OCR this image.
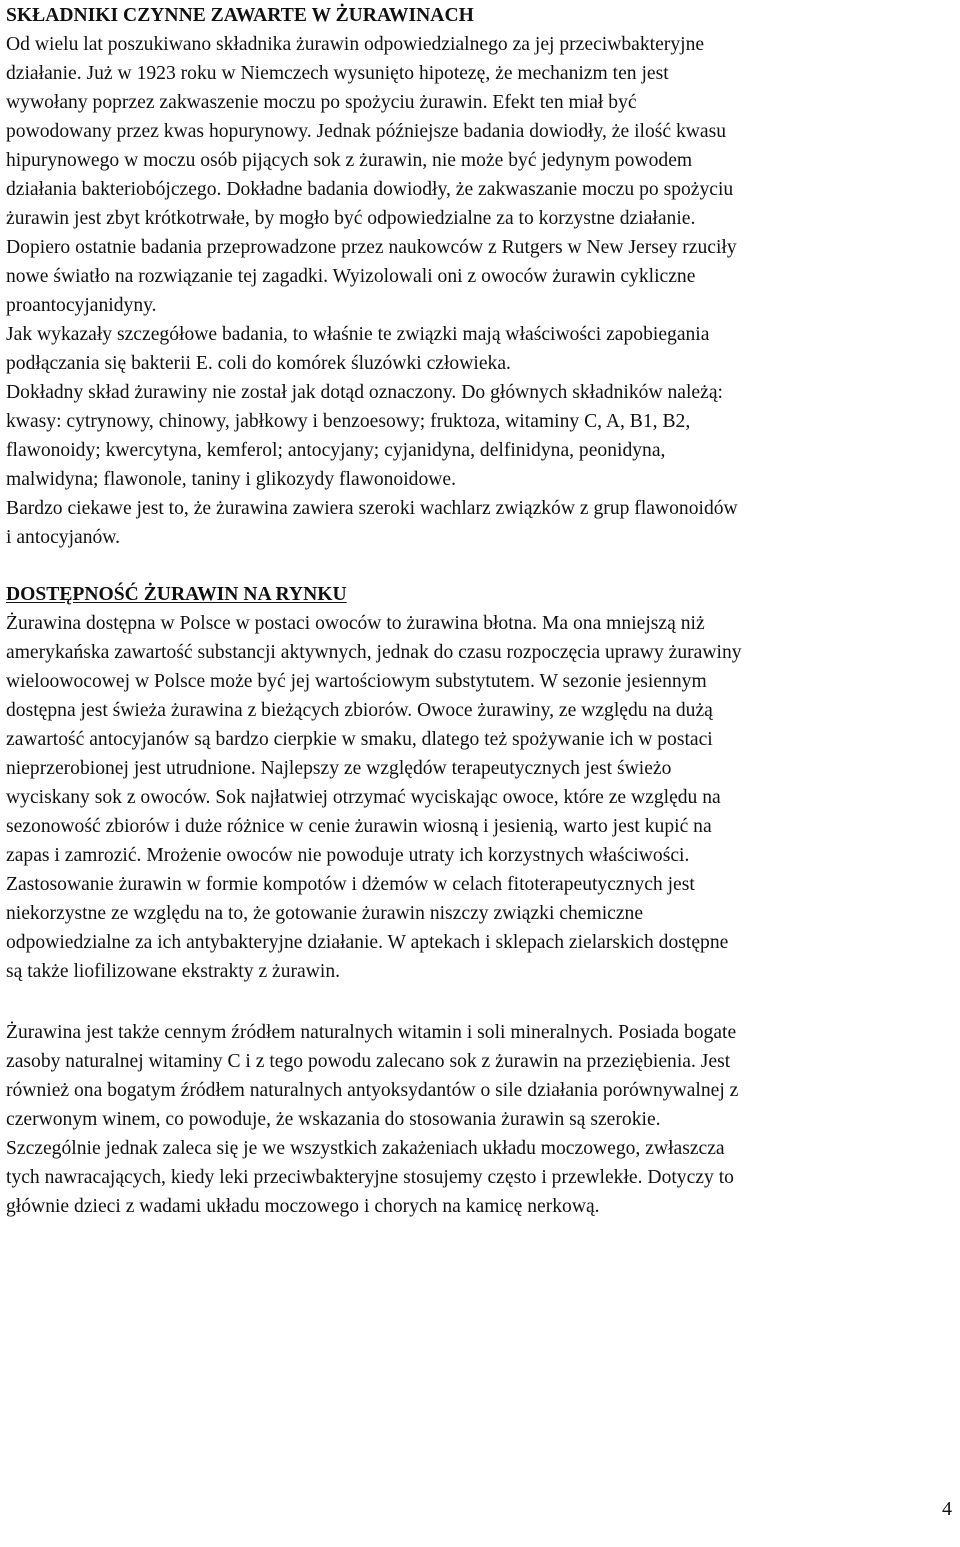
SKŁADNIKI CZYNNE ZAWARTE W ŻURAWINACH
Od wielu lat poszukiwano składnika żurawin odpowiedzialnego za jej przeciwbakteryjne
działanie. Już w 1923 roku w Niemczech wysunięto hipotezę, że mechanizm ten jest
wywołany poprzez zakwaszenie moczu po spożyciu żurawin. Efekt ten miał być
powodowany przez kwas hopurynowy. Jednak późniejsze badania dowiodły, że ilość kwasu
hipurynowego w moczu osób pijących sok z żurawin, nie może być jedynym powodem
działania bakteriobójczego. Dokładne badania dowiodły, że zakwaszanie moczu po spożyciu
żurawin jest zbyt krótkotrwałe, by mogło być odpowiedzialne za to korzystne działanie.
Dopiero ostatnie badania przeprowadzone przez naukowców z Rutgers w New Jersey rzuciły
nowe światło na rozwiązanie tej zagadki. Wyizolowali oni z owoców żurawin cykliczne
proantocyjanidyny.
Jak wykazały szczegółowe badania, to właśnie te związki mają właściwości zapobiegania
podłączania się bakterii E. coli do komórek śluzówki człowieka.
Dokładny skład żurawiny nie został jak dotąd oznaczony. Do głównych składników należą:
kwasy: cytrynowy, chinowy, jabłkowy i benzoesowy; fruktoza, witaminy C, A, B1, B2,
flawonoidy; kwercytyna, kemferol; antocyjany; cyjanidyna, delfinidyna, peonidyna,
malwidyna; flawonole, taniny i glikozydy flawonoidowe.
Bardzo ciekawe jest to, że żurawina zawiera szeroki wachlarz związków z grup flawonoidów
i antocyjanów.
DOSTĘPNOŚĆ ŻURAWIN NA RYNKU
Żurawina dostępna w Polsce w postaci owoców to żurawina błotna. Ma ona mniejszą niż
amerykańska zawartość substancji aktywnych, jednak do czasu rozpoczęcia uprawy żurawiny
wieloowocowej w Polsce może być jej wartościowym substytutem. W sezonie jesiennym
dostępna jest świeża żurawina z bieżących zbiorów. Owoce żurawiny, ze względu na dużą
zawartość antocyjanów są bardzo cierpkie w smaku, dlatego też spożywanie ich w postaci
nieprzerobionej jest utrudnione. Najlepszy ze względów terapeutycznych jest świeżo
wyciskany sok z owoców. Sok najłatwiej otrzymać wyciskając owoce, które ze względu na
sezonowość zbiorów i duże różnice w cenie żurawin wiosną i jesienią, warto jest kupić na
zapas i zamrozić. Mrożenie owoców nie powoduje utraty ich korzystnych właściwości.
Zastosowanie żurawin w formie kompotów i dżemów w celach fitoterapeutycznych jest
niekorzystne ze względu na to, że gotowanie żurawin niszczy związki chemiczne
odpowiedzialne za ich antybakteryjne działanie. W aptekach i sklepach zielarskich dostępne
są także liofilizowane ekstrakty z żurawin.
Żurawina jest także cennym źródłem naturalnych witamin i soli mineralnych. Posiada bogate
zasoby naturalnej witaminy C i z tego powodu zalecano sok z żurawin na przeziębienia. Jest
również ona bogatym źródłem naturalnych antyoksydantów o sile działania porównywalnej z
czerwonym winem, co powoduje, że wskazania do stosowania żurawin są szerokie.
Szczególnie jednak zaleca się je we wszystkich zakażeniach układu moczowego, zwłaszcza
tych nawracających, kiedy leki przeciwbakteryjne stosujemy często i przewlekłe. Dotyczy to
głównie dzieci z wadami układu moczowego i chorych na kamicę nerkową.
4
